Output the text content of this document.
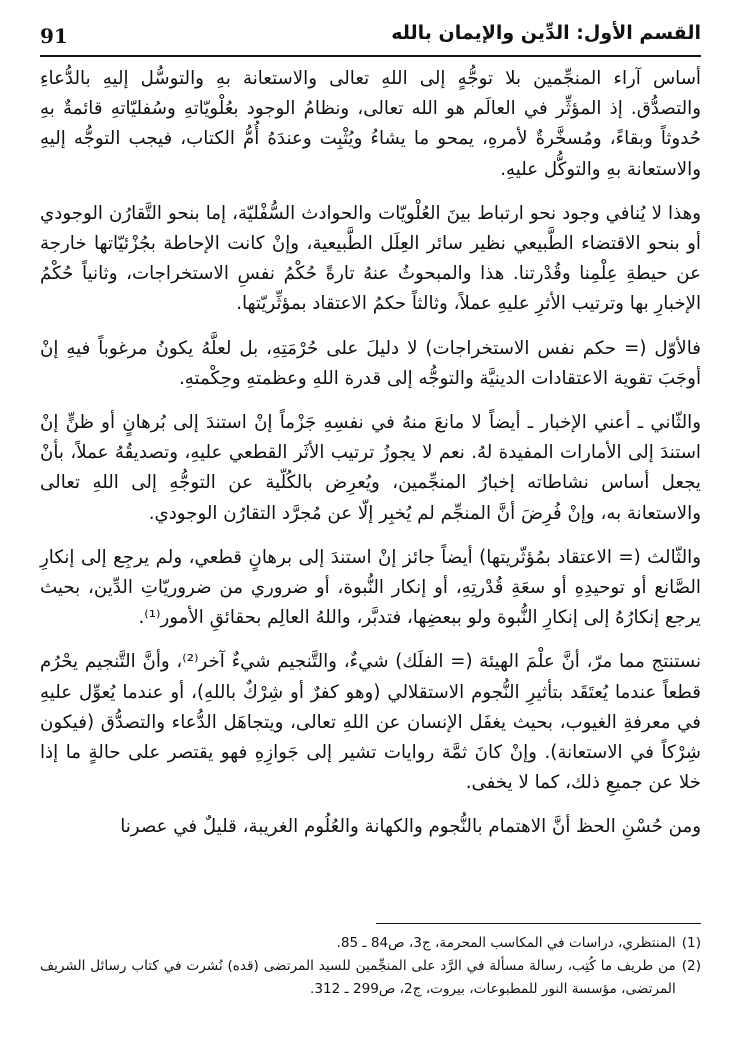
91	القسم الأول: الدِّين والإيمان بالله

أساس آراء المنجِّمين بلا توجُّهٍ إلى اللهِ تعالى والاستعانة بهِ والتوسُّل إليهِ بالدُّعاءِ والتصدُّق. إذ المؤثِّر في العالَم هو الله تعالى، ونظامُ الوجود بعُلْويّاتهِ وسُفليّاتهِ قائمةٌ بهِ حُدوثاً وبقاءً، ومُسخَّرةٌ لأمرهِ، يمحو ما يشاءُ ويُثْبِت وعندَهُ أُمُّ الكتاب، فيجب التوجُّه إليهِ والاستعانة بهِ والتوكُّل عليهِ.

وهذا لا يُنافي وجود نحو ارتباط بينَ العُلْويّات والحوادث السُّفْليّة، إما بنحو التَّقارُن الوجودي أو بنحو الاقتضاء الطَّبيعي نظير سائر العِلَل الطَّبيعية، وإنْ كانت الإحاطة بجُزْئيّاتها خارجة عن حيطةِ عِلْمِنا وقُدْرتنا. هذا والمبحوثُ عنهُ تارةً حُكْمُ نفسِ الاستخراجات، وثانياً حُكْمُ الإخبارِ بها وترتيب الأثرِ عليهِ عملاً، وثالثاً حكمُ الاعتقاد بمؤثِّريّتها.

فالأوّل (= حكم نفس الاستخراجات) لا دليلَ على حُرْمَتِهِ، بل لعلَّهُ يكونُ مرغوباً فيهِ إنْ أوجَبَ تقوية الاعتقادات الدينيَّة والتوجُّه إلى قدرة اللهِ وعظمتهِ وحِكْمتهِ.

والثّاني ـ أعني الإخبار ـ أيضاً لا مانعَ منهُ في نفسِهِ جَزْماً إنْ استندَ إلى بُرهانٍ أو ظنٍّ إنْ استندَ إلى الأمارات المفيدة لهُ. نعم لا يجوزُ ترتيب الأثَر القطعي عليهِ، وتصديقُهُ عملاً، بأنْ يجعل أساس نشاطاته إخبارُ المنجِّمين، ويُعرِض بالكُلّية عن التوجُّهِ إلى اللهِ تعالى والاستعانة به، وإنْ فُرِضَ أنَّ المنجِّم لم يُخبِر إلّا عن مُجرَّد التقارُن الوجودي.

والثّالث (= الاعتقاد بمُؤثّريتها) أيضاً جائز إنْ استندَ إلى برهانٍ قطعي، ولم يرجِع إلى إنكارِ الصَّانع أو توحيدِهِ أو سعَةِ قُدْرتِهِ، أو إنكار النُّبوة، أو ضروري من ضروريّاتِ الدِّين، بحيث يرجع إنكارُهُ إلى إنكارِ النُّبوة ولو ببعضِها، فتدبَّر، واللهُ العالِم بحقائقِ الأمور⁽¹⁾.

نستنتج مما مرّ، أنَّ علْمَ الهيئة (= الفلَك) شيءٌ، والتَّنجيم شيءٌ آخر⁽²⁾، وأنَّ التَّنجيم يحْرُم قطعاً عندما يُعتَقَد بتأثيرِ النُّجوم الاستقلالي (وهو كفرٌ أو شِرْكٌ باللهِ)، أو عندما يُعوِّل عليهِ في معرفةِ الغيوب، بحيث يغفَل الإنسان عن اللهِ تعالى، ويتجاهَل الدُّعاء والتصدُّق (فيكون شِرْكاً في الاستعانة). وإنْ كانَ ثمَّة روايات تشير إلى جَوازِهِ فهو يقتصر على حالةٍ ما إذا خلا عن جميعِ ذلك، كما لا يخفى.

ومن حُسْنِ الحظ أنَّ الاهتمام بالنُّجوم والكهانة والعُلُوم الغريبة، قليلٌ في عصرنا

(1)
المنتظري، دراسات في المكاسب المحرمة، ج3، ص84 ـ 85.
(2)
من طريف ما كُتِب، رسالة مسألة في الرَّد على المنجِّمين للسيد المرتضى (قده) نُشرت في كتاب رسائل الشريف المرتضى، مؤسسة النور للمطبوعات، بيروت، ج2، ص299 ـ 312.
